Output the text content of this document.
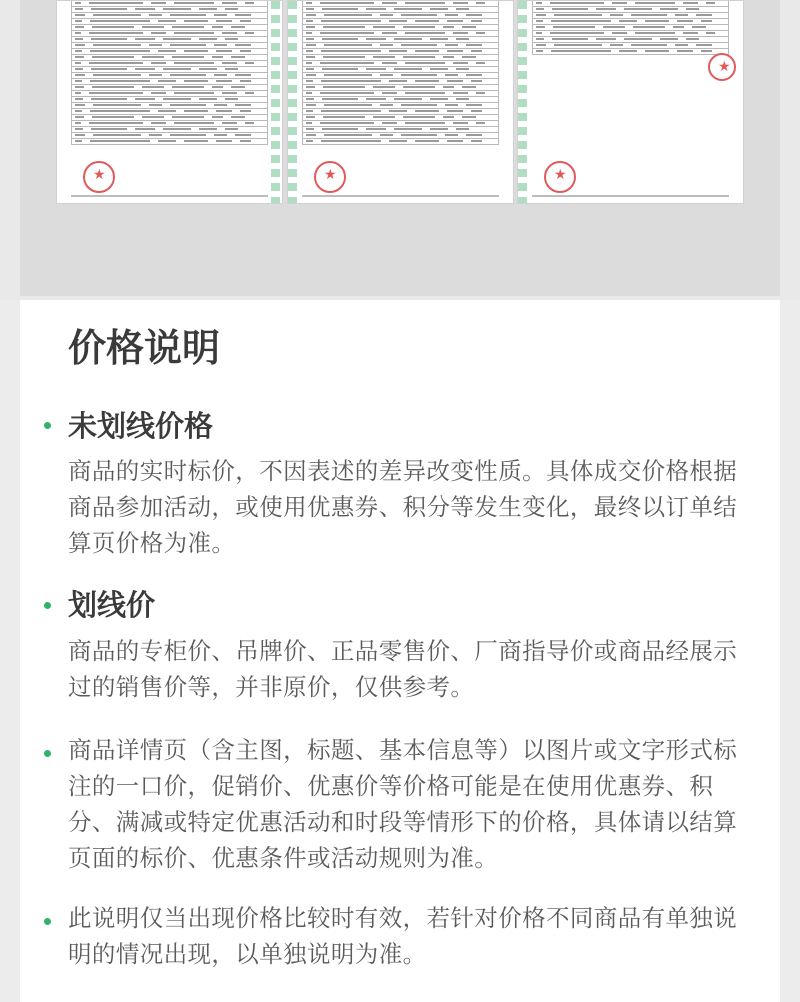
★
★
★
★
价格说明
未划线价格

商品的实时标价，不因表述的差异改变性质。具体成交价格根据商品参加活动，或使用优惠券、积分等发生变化，最终以订单结算页价格为准。

划线价

商品的专柜价、吊牌价、正品零售价、厂商指导价或商品经展示过的销售价等，并非原价，仅供参考。

商品详情页（含主图，标题、基本信息等）以图片或文字形式标注的一口价，促销价、优惠价等价格可能是在使用优惠券、积分、满减或特定优惠活动和时段等情形下的价格，具体请以结算页面的标价、优惠条件或活动规则为准。

此说明仅当出现价格比较时有效，若针对价格不同商品有单独说明的情况出现，以单独说明为准。
